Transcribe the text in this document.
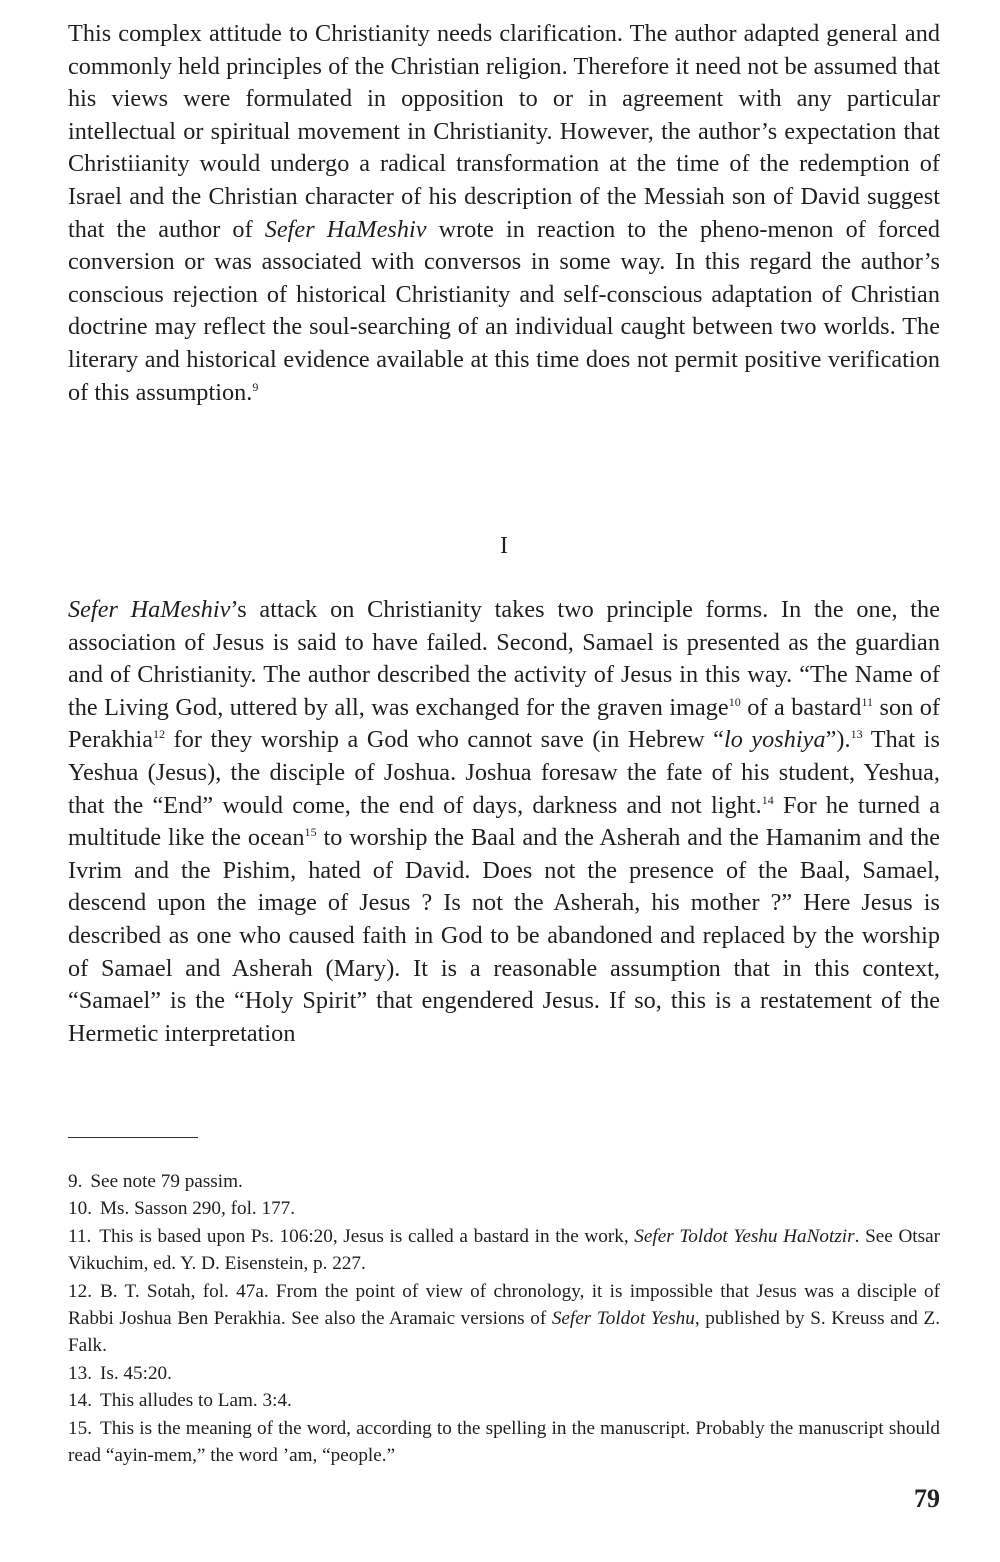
This complex attitude to Christianity needs clarification. The author adapted general and commonly held principles of the Christian religion. Therefore it need not be assumed that his views were formulated in opposition to or in agreement with any particular intellectual or spiritual movement in Christianity. However, the author’s expectation that Christiianity would undergo a radical transformation at the time of the redemption of Israel and the Christian character of his description of the Messiah son of David suggest that the author of Sefer HaMeshiv wrote in reaction to the pheno-menon of forced conversion or was associated with conversos in some way. In this regard the author’s conscious rejection of historical Christianity and self-conscious adaptation of Christian doctrine may reflect the soul-searching of an individual caught between two worlds. The literary and historical evidence available at this time does not permit positive verification of this assumption.$^9$

I

Sefer HaMeshiv’s attack on Christianity takes two principle forms. In the one, the association of Jesus is said to have failed. Second, Samael is presented as the guardian and of Christianity. The author described the activity of Jesus in this way. “The Name of the Living God, uttered by all, was exchanged for the graven image$^{10}$ of a bastard$^{11}$ son of Perakhia$^{12}$ for they worship a God who cannot save (in Hebrew “lo yoshiya”).$^{13}$ That is Yeshua (Jesus), the disciple of Joshua. Joshua foresaw the fate of his student, Yeshua, that the “End” would come, the end of days, darkness and not light.$^{14}$ For he turned a multitude like the ocean$^{15}$ to worship the Baal and the Asherah and the Hamanim and the Ivrim and the Pishim, hated of David. Does not the presence of the Baal, Samael, descend upon the image of Jesus ? Is not the Asherah, his mother ?” Here Jesus is described as one who caused faith in God to be abandoned and replaced by the worship of Samael and Asherah (Mary). It is a reasonable assumption that in this context, “Samael” is the “Holy Spirit” that engendered Jesus. If so, this is a restatement of the Hermetic interpretation

9. See note 79 passim.

10. Ms. Sasson 290, fol. 177.

11. This is based upon Ps. 106:20, Jesus is called a bastard in the work, Sefer Toldot Yeshu HaNotzir. See Otsar Vikuchim, ed. Y. D. Eisenstein, p. 227.

12. B. T. Sotah, fol. 47a. From the point of view of chronology, it is impossible that Jesus was a disciple of Rabbi Joshua Ben Perakhia. See also the Aramaic versions of Sefer Toldot Yeshu, published by S. Kreuss and Z. Falk.

13. Is. 45:20.

14. This alludes to Lam. 3:4.

15. This is the meaning of the word, according to the spelling in the manuscript. Probably the manuscript should read “ayin-mem,” the word ’am, “people.”

79
